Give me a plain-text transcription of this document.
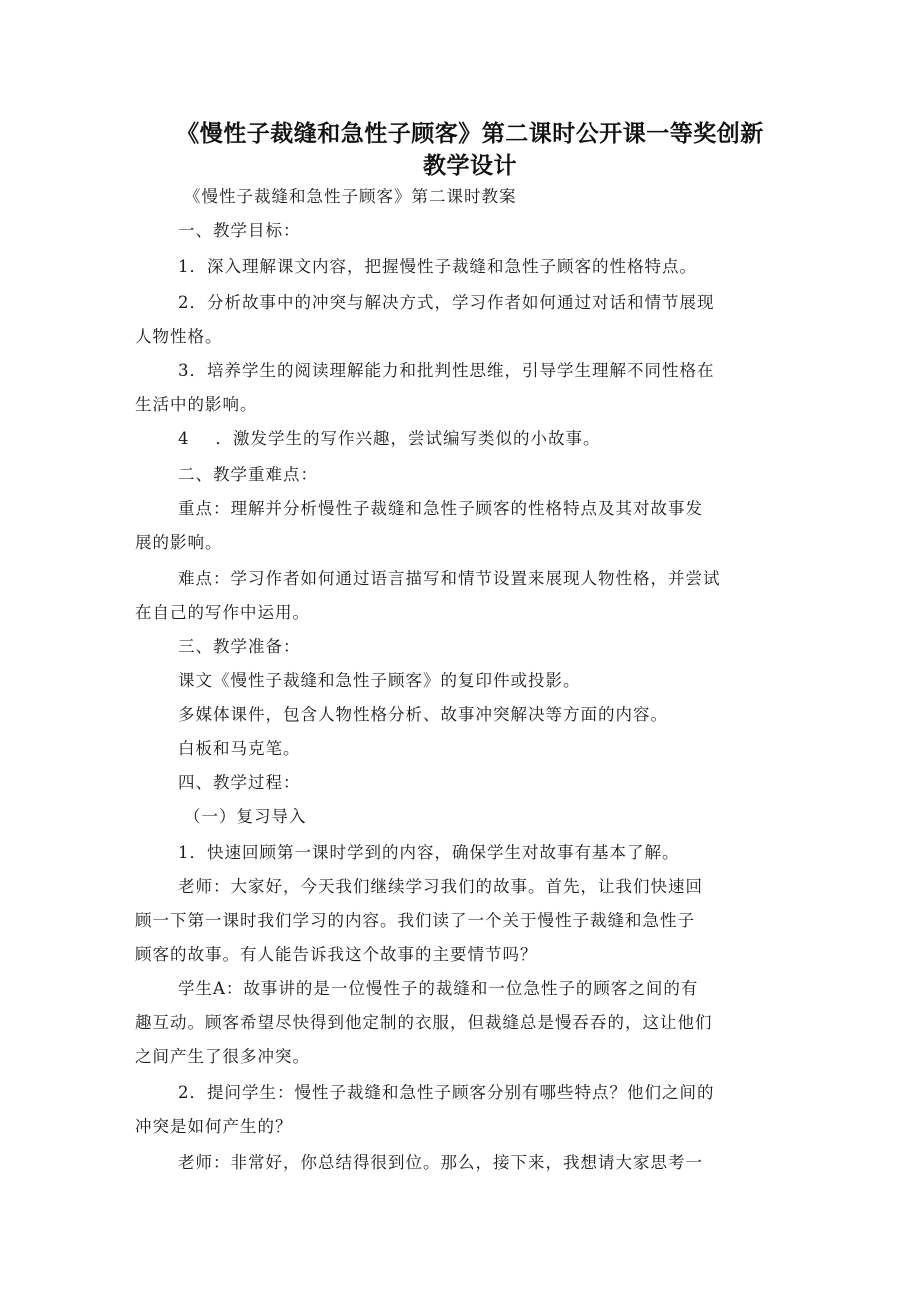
《慢性子裁缝和急性子顾客》第二课时公开课一等奖创新
教学设计
《慢性子裁缝和急性子顾客》第二课时教案
一、教学目标：
1．深入理解课文内容，把握慢性子裁缝和急性子顾客的性格特点。
2．分析故事中的冲突与解决方式，学习作者如何通过对话和情节展现
人物性格。
3．培养学生的阅读理解能力和批判性思维，引导学生理解不同性格在
生活中的影响。
4 ．激发学生的写作兴趣，尝试编写类似的小故事。
二、教学重难点：
重点：理解并分析慢性子裁缝和急性子顾客的性格特点及其对故事发
展的影响。
难点：学习作者如何通过语言描写和情节设置来展现人物性格，并尝试
在自己的写作中运用。
三、教学准备：
课文《慢性子裁缝和急性子顾客》的复印件或投影。
多媒体课件，包含人物性格分析、故事冲突解决等方面的内容。
白板和马克笔。
四、教学过程：
（一）复习导入
1．快速回顾第一课时学到的内容，确保学生对故事有基本了解。
老师：大家好，今天我们继续学习我们的故事。首先，让我们快速回
顾一下第一课时我们学习的内容。我们读了一个关于慢性子裁缝和急性子
顾客的故事。有人能告诉我这个故事的主要情节吗？
学生A：故事讲的是一位慢性子的裁缝和一位急性子的顾客之间的有
趣互动。顾客希望尽快得到他定制的衣服，但裁缝总是慢吞吞的，这让他们
之间产生了很多冲突。
2．提问学生：慢性子裁缝和急性子顾客分别有哪些特点？他们之间的
冲突是如何产生的？
老师：非常好，你总结得很到位。那么，接下来，我想请大家思考一
